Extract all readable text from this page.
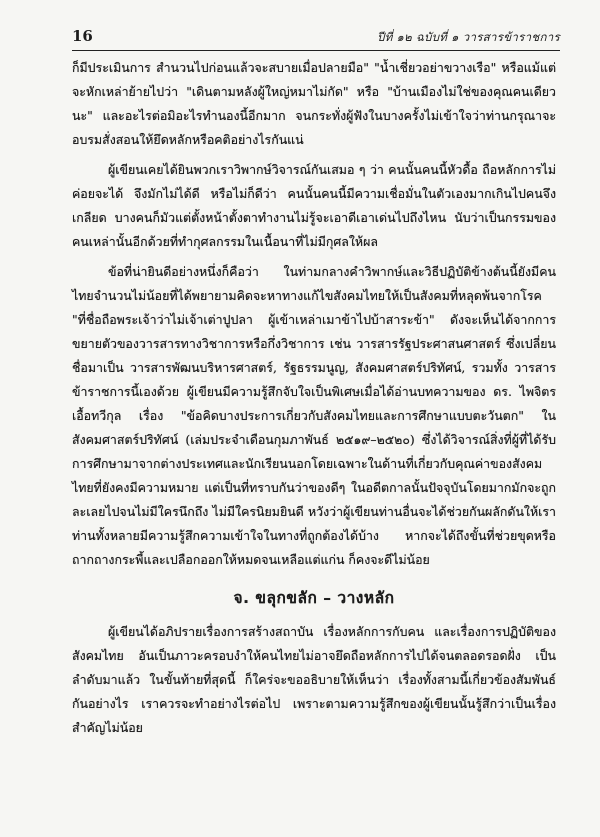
16	ปีที่ ๑๒ ฉบับที่ ๑ วารสารข้าราชการ

ก็มีประเมินการ สำนวนไปก่อนแล้วจะสบายเมื่อปลายมือ" "น้ำเชี่ยวอย่าขวางเรือ" หรือแม้แต่จะหักเหล่าย้ายไปว่า "เดินตามหลังผู้ใหญ่หมาไม่กัด" หรือ "บ้านเมืองไม่ใช่ของคุณคนเดียวนะ" และอะไรต่อมิอะไรทำนองนี้อีกมาก จนกระทั่งผู้ฟังในบางครั้งไม่เข้าใจว่าท่านกรุณาจะอบรมสั่งสอนให้ยึดหลักหรือคติอย่างไรกันแน่

ผู้เขียนเคยได้ยินพวกเราวิพากษ์วิจารณ์กันเสมอ ๆ ว่า คนนั้นคนนี้หัวดื้อ ถือหลักการไม่ค่อยจะได้ จึงมักไม่ได้ดี หรือไม่ก็ดีว่า คนนั้นคนนี้มีความเชื่อมั่นในตัวเองมากเกินไปคนจึงเกลียด บางคนก็มัวแต่ตั้งหน้าตั้งตาทำงานไม่รู้จะเอาดีเอาเด่นไปถึงไหน นับว่าเป็นกรรมของคนเหล่านั้นอีกด้วยที่ทำกุศลกรรมในเนื้อนาที่ไม่มีกุศลให้ผล

ข้อที่น่ายินดีอย่างหนึ่งก็คือว่า ในท่ามกลางคำวิพากษ์และวิธีปฏิบัติข้างต้นนี้ยังมีคนไทยจำนวนไม่น้อยที่ได้พยายามคิดจะหาทางแก้ไขสังคมไทยให้เป็นสังคมที่หลุดพ้นจากโรค "ที่ชื่อถือพระเจ้าว่าไม่เจ้าเต่าปูปลา ผู้เข้าเหล่าเมาข้าไปบ้าสาระข้า" ดังจะเห็นได้จากการขยายตัวของวารสารทางวิชาการหรือกึ่งวิชาการ เช่น วารสารรัฐประศาสนศาสตร์ ซึ่งเปลี่ยนชื่อมาเป็น วารสารพัฒนบริหารศาสตร์, รัฐธรรมนูญ, สังคมศาสตร์ปริทัศน์, รวมทั้ง วารสารข้าราชการนี้เองด้วย ผู้เขียนมีความรู้สึกจับใจเป็นพิเศษเมื่อได้อ่านบทความของ ดร. ไพจิตร เอื้อทวีกุล เรื่อง "ข้อคิดบางประการเกี่ยวกับสังคมไทยและการศึกษาแบบตะวันตก" ในสังคมศาสตร์ปริทัศน์ (เล่มประจำเดือนกุมภาพันธ์ ๒๕๑๙–๒๕๒๐) ซึ่งได้วิจารณ์สิ่งที่ผู้ที่ได้รับการศึกษามาจากต่างประเทศและนักเรียนนอกโดยเฉพาะในด้านที่เกี่ยวกับคุณค่าของสังคมไทยที่ยังคงมีความหมาย แต่เป็นที่ทราบกันว่าของดีๆ ในอดีตกาลนั้นปัจจุบันโดยมากมักจะถูกละเลยไปจนไม่มีใครนึกถึง ไม่มีใครนิยมยินดี หวังว่าผู้เขียนท่านอื่นจะได้ช่วยกันผลักดันให้เราท่านทั้งหลายมีความรู้สึกความเข้าใจในทางที่ถูกต้องได้บ้าง หากจะได้ถึงขั้นที่ช่วยขุดหรือถากถางกระพี้และเปลือกออกให้หมดจนเหลือแต่แก่น ก็คงจะดีไม่น้อย

จ. ขลุกขลัก – วางหลัก

ผู้เขียนได้อภิปรายเรื่องการสร้างสถาบัน เรื่องหลักการกับคน และเรื่องการปฏิบัติของสังคมไทย อันเป็นภาวะครอบงำให้คนไทยไม่อาจยึดถือหลักการไปได้จนตลอดรอดฝั่ง เป็นลำดับมาแล้ว ในขั้นท้ายที่สุดนี้ ก็ใคร่จะขออธิบายให้เห็นว่า เรื่องทั้งสามนี้เกี่ยวข้องสัมพันธ์กันอย่างไร เราควรจะทำอย่างไรต่อไป เพราะตามความรู้สึกของผู้เขียนนั้นรู้สึกว่าเป็นเรื่องสำคัญไม่น้อย
